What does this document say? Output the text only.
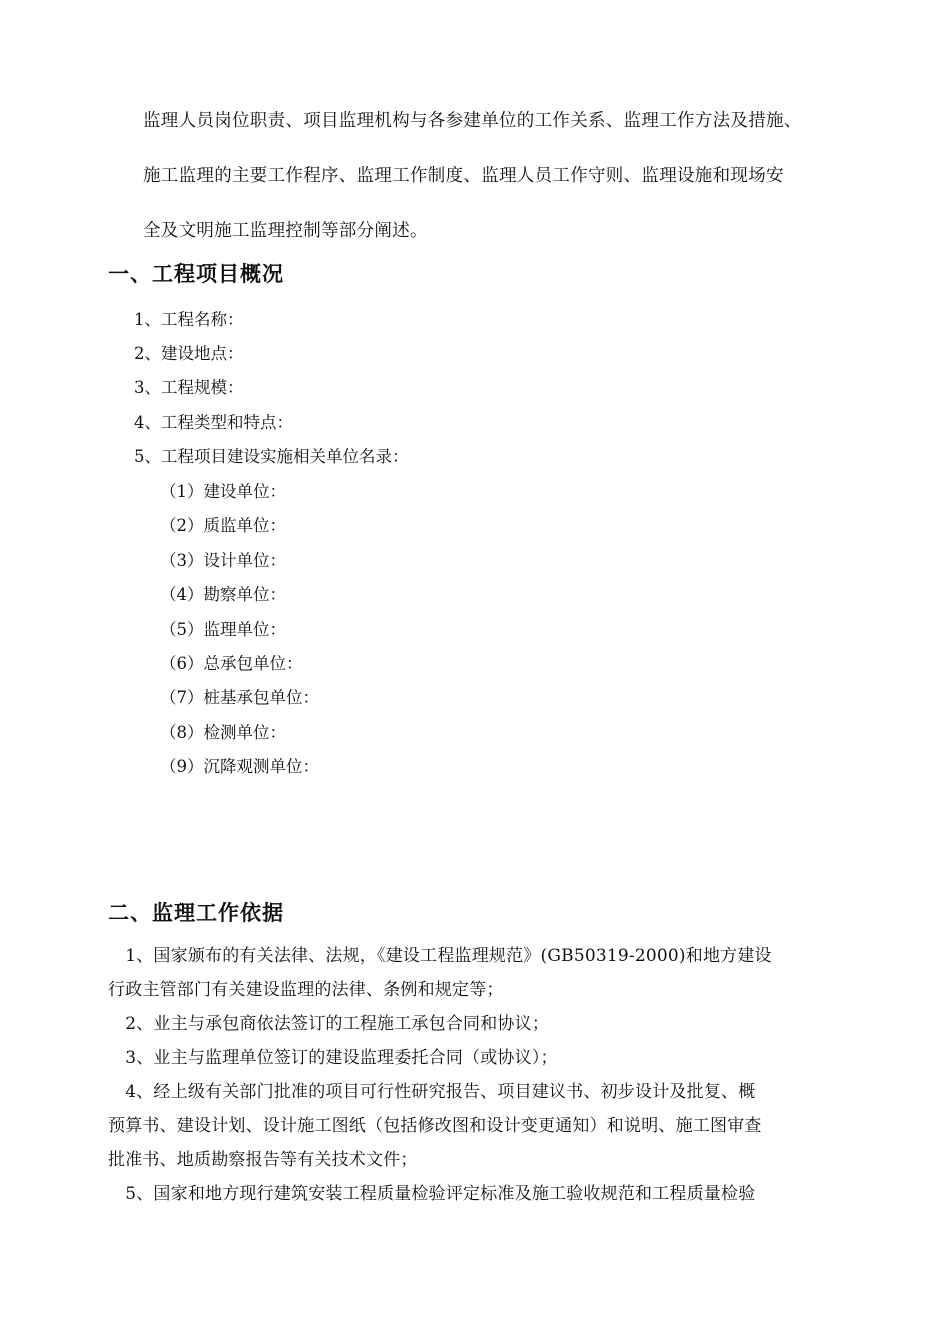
监理人员岗位职责、项目监理机构与各参建单位的工作关系、监理工作方法及措施、

施工监理的主要工作程序、监理工作制度、监理人员工作守则、监理设施和现场安

全及文明施工监理控制等部分阐述。

一、工程项目概况

1、工程名称：

2、建设地点：

3、工程规模：

4、工程类型和特点：

5、工程项目建设实施相关单位名录：

（1）建设单位：

（2）质监单位：

（3）设计单位：

（4）勘察单位：

（5）监理单位：

（6）总承包单位：

（7）桩基承包单位：

（8）检测单位：

（9）沉降观测单位：

二、监理工作依据

　1、国家颁布的有关法律、法规，《建设工程监理规范》(GB50319-2000)和地方建设

行政主管部门有关建设监理的法律、条例和规定等；

　2、业主与承包商依法签订的工程施工承包合同和协议；

　3、业主与监理单位签订的建设监理委托合同（或协议）；

　4、经上级有关部门批准的项目可行性研究报告、项目建议书、初步设计及批复、概

预算书、建设计划、设计施工图纸（包括修改图和设计变更通知）和说明、施工图审查

批准书、地质勘察报告等有关技术文件；

　5、国家和地方现行建筑安装工程质量检验评定标准及施工验收规范和工程质量检验
